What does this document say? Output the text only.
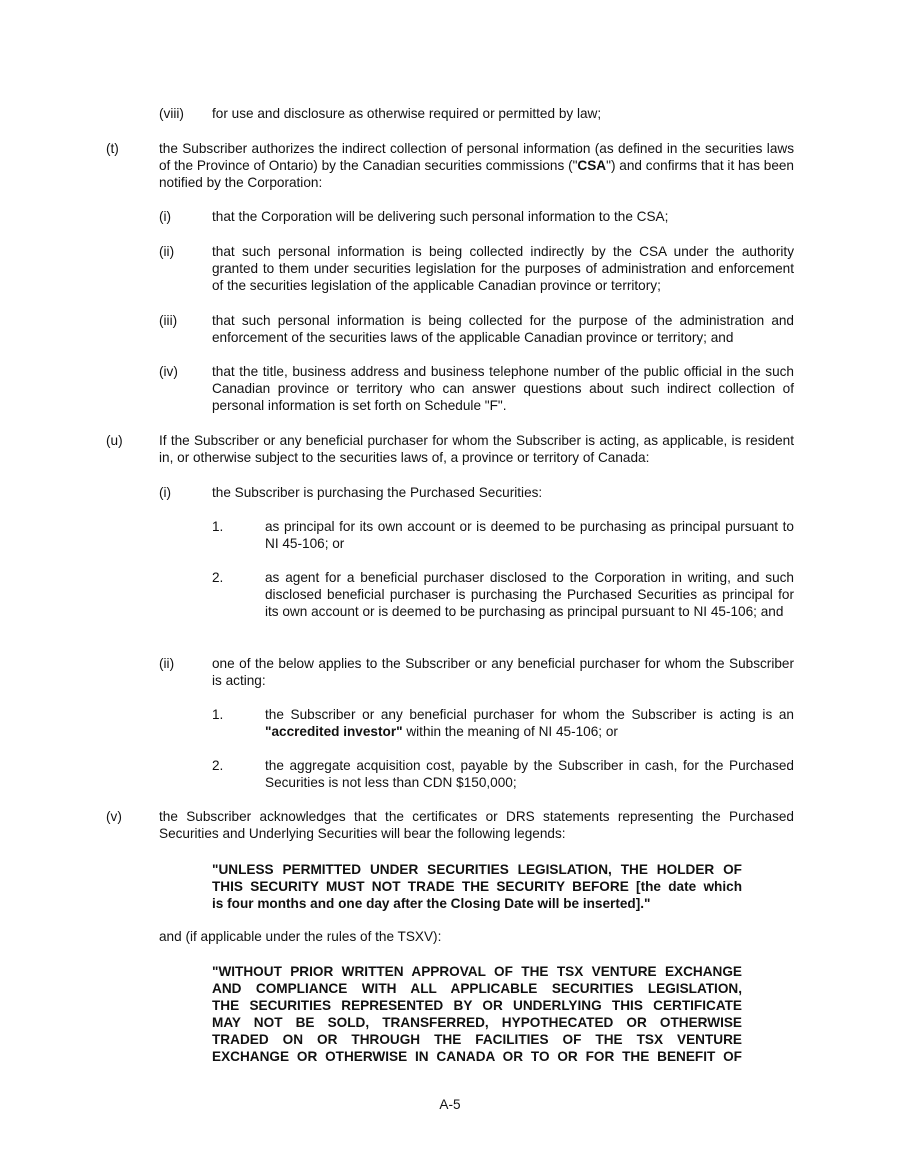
(viii) for use and disclosure as otherwise required or permitted by law;
(t)	the Subscriber authorizes the indirect collection of personal information (as defined in the securities laws of the Province of Ontario) by the Canadian securities commissions ("CSA") and confirms that it has been notified by the Corporation:
(i)	that the Corporation will be delivering such personal information to the CSA;
(ii)	that such personal information is being collected indirectly by the CSA under the authority granted to them under securities legislation for the purposes of administration and enforcement of the securities legislation of the applicable Canadian province or territory;
(iii)	that such personal information is being collected for the purpose of the administration and enforcement of the securities laws of the applicable Canadian province or territory; and
(iv)	that the title, business address and business telephone number of the public official in the such Canadian province or territory who can answer questions about such indirect collection of personal information is set forth on Schedule "F".
(u)	If the Subscriber or any beneficial purchaser for whom the Subscriber is acting, as applicable, is resident in, or otherwise subject to the securities laws of, a province or territory of Canada:
(i)	the Subscriber is purchasing the Purchased Securities:
1.	as principal for its own account or is deemed to be purchasing as principal pursuant to NI 45-106; or
2.	as agent for a beneficial purchaser disclosed to the Corporation in writing, and such disclosed beneficial purchaser is purchasing the Purchased Securities as principal for its own account or is deemed to be purchasing as principal pursuant to NI 45-106; and
(ii)	one of the below applies to the Subscriber or any beneficial purchaser for whom the Subscriber is acting:
1.	the Subscriber or any beneficial purchaser for whom the Subscriber is acting is an "accredited investor" within the meaning of NI 45-106; or
2.	the aggregate acquisition cost, payable by the Subscriber in cash, for the Purchased Securities is not less than CDN $150,000;
(v)	the Subscriber acknowledges that the certificates or DRS statements representing the Purchased Securities and Underlying Securities will bear the following legends:
"UNLESS PERMITTED UNDER SECURITIES LEGISLATION, THE HOLDER OF
THIS SECURITY MUST NOT TRADE THE SECURITY BEFORE [the date which
is four months and one day after the Closing Date will be inserted]."
and (if applicable under the rules of the TSXV):
"WITHOUT PRIOR WRITTEN APPROVAL OF THE TSX VENTURE EXCHANGE
AND COMPLIANCE WITH ALL APPLICABLE SECURITIES LEGISLATION,
THE SECURITIES REPRESENTED BY OR UNDERLYING THIS CERTIFICATE
MAY NOT BE SOLD, TRANSFERRED, HYPOTHECATED OR OTHERWISE
TRADED ON OR THROUGH THE FACILITIES OF THE TSX VENTURE
EXCHANGE OR OTHERWISE IN CANADA OR TO OR FOR THE BENEFIT OF
A-5
